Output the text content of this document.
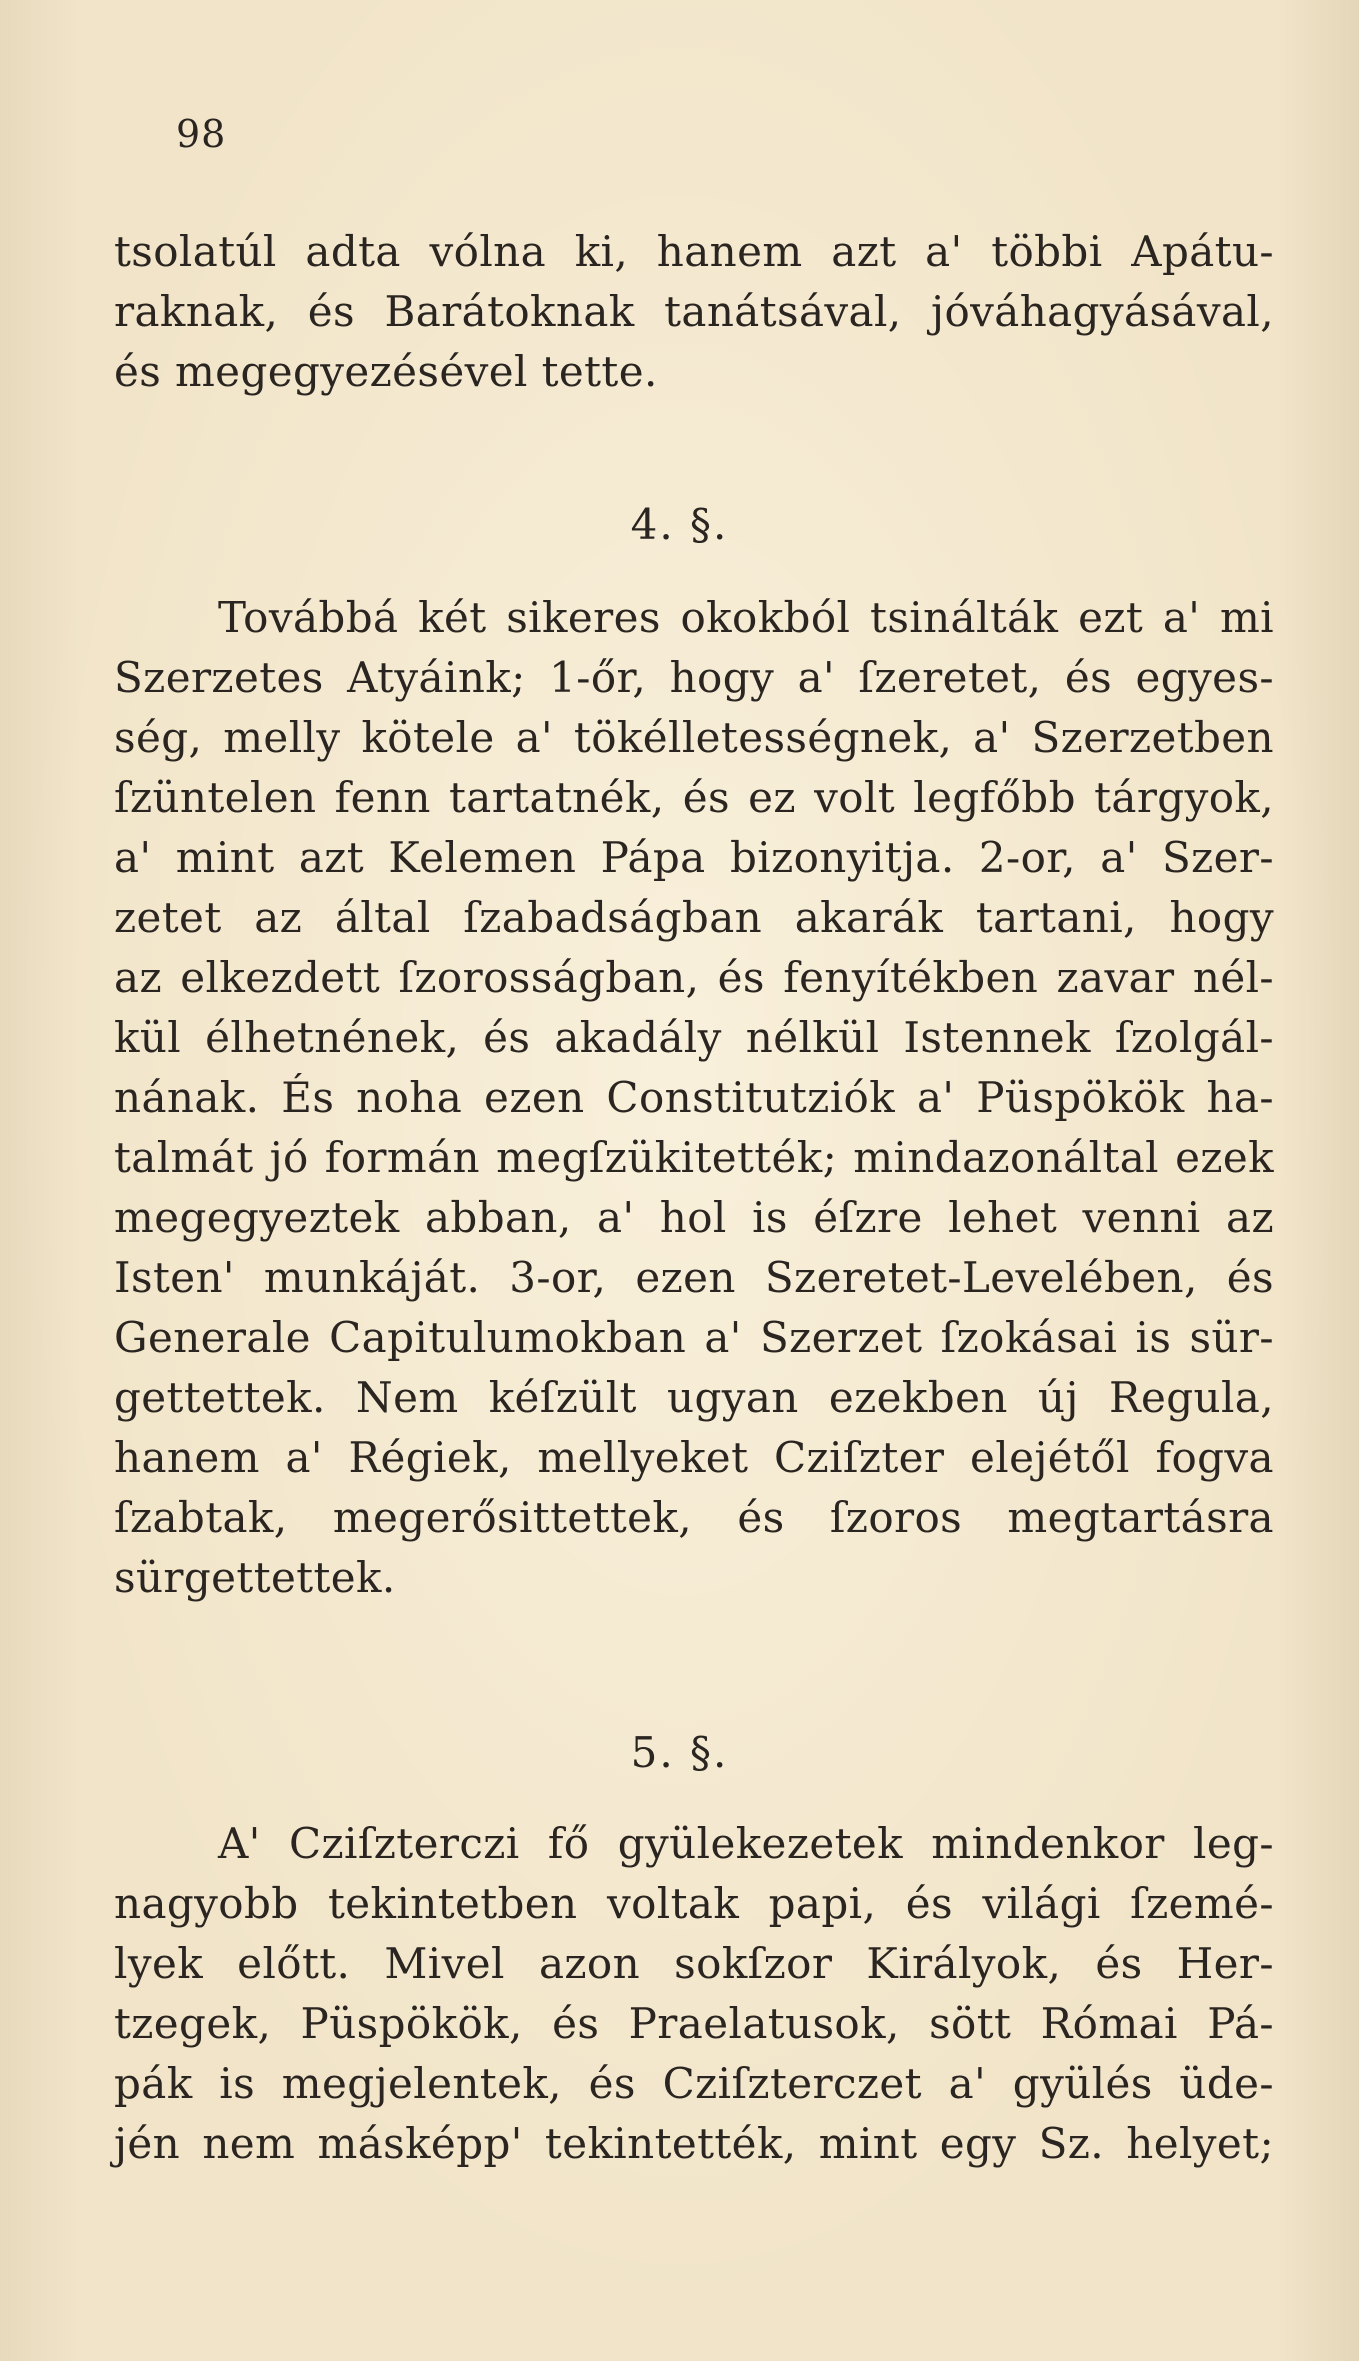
98
tsolatúl adta vólna ki, hanem azt a' többi Apátu-
raknak, és Barátoknak tanátsával, jóváhagyásával,
és megegyezésével tette.
4. §.
Továbbá két sikeres okokból tsinálták ezt a' mi
Szerzetes Atyáink; 1-őr, hogy a' ſzeretet, és egyes-
ség, melly kötele a' tökélletességnek, a' Szerzetben
ſzüntelen fenn tartatnék, és ez volt legfőbb tárgyok,
a' mint azt Kelemen Pápa bizonyitja. 2-or, a' Szer-
zetet az által ſzabadságban akarák tartani, hogy
az elkezdett ſzorosságban, és fenyítékben zavar nél-
kül élhetnének, és akadály nélkül Istennek ſzolgál-
nának. És noha ezen Constitutziók a' Püspökök ha-
talmát jó formán megſzükitették; mindazonáltal ezek
megegyeztek abban, a' hol is éſzre lehet venni az
Isten' munkáját. 3-or, ezen Szeretet-Levelében, és
Generale Capitulumokban a' Szerzet ſzokásai is sür-
gettettek. Nem kéſzült ugyan ezekben új Regula,
hanem a' Régiek, mellyeket Cziſzter elejétől fogva
ſzabtak, megerősittettek, és ſzoros megtartásra
sürgettettek.
5. §.
A' Cziſzterczi fő gyülekezetek mindenkor leg-
nagyobb tekintetben voltak papi, és világi ſzemé-
lyek előtt. Mivel azon sokſzor Királyok, és Her-
tzegek, Püspökök, és Praelatusok, sött Római Pá-
pák is megjelentek, és Cziſzterczet a' gyülés üde-
jén nem másképp' tekintették, mint egy Sz. helyet;
